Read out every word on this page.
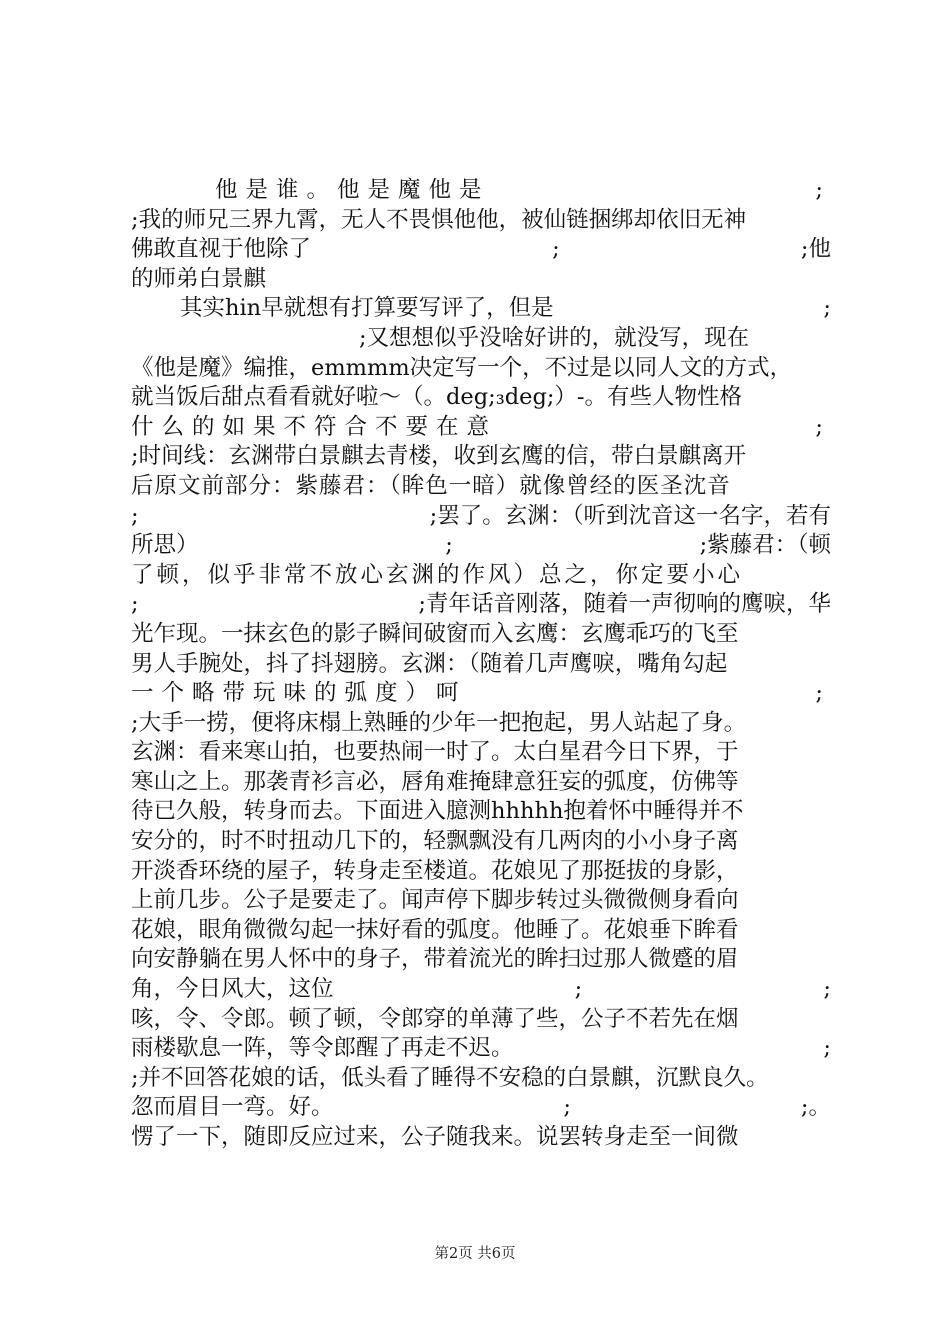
他是谁。他是魔他是	;
;我的师兄三界九霄，无人不畏惧他他，被仙链捆绑却依旧无神
佛敢直视于他除了	;	;他
的师弟白景麒
其实hin早就想有打算要写评了，但是	;
;又想想似乎没啥好讲的，就没写，现在
《他是魔》编推，emmmm决定写一个，不过是以同人文的方式，
就当饭后甜点看看就好啦～（。deg;₃deg;）-。有些人物性格
什么的如果不符合不要在意	;
;时间线：玄渊带白景麒去青楼，收到玄鹰的信，带白景麒离开
后原文前部分：紫藤君：（眸色一暗）就像曾经的医圣沈音
;	;罢了。玄渊：（听到沈音这一名字，若有
所思）	;	;紫藤君：（顿
了顿，似乎非常不放心玄渊的作风）总之，你定要小心
;	;青年话音刚落，随着一声彻响的鹰唳，华
光乍现。一抹玄色的影子瞬间破窗而入玄鹰：玄鹰乖巧的飞至
男人手腕处，抖了抖翅膀。玄渊：（随着几声鹰唳，嘴角勾起
一个略带玩味的弧度）呵	;
;大手一捞，便将床榻上熟睡的少年一把抱起，男人站起了身。
玄渊：看来寒山拍，也要热闹一时了。太白星君今日下界，于
寒山之上。那袭青衫言必，唇角难掩肆意狂妄的弧度，仿佛等
待已久般，转身而去。下面进入臆测hhhhh抱着怀中睡得并不
安分的，时不时扭动几下的，轻飘飘没有几两肉的小小身子离
开淡香环绕的屋子，转身走至楼道。花娘见了那挺拔的身影，
上前几步。公子是要走了。闻声停下脚步转过头微微侧身看向
花娘，眼角微微勾起一抹好看的弧度。他睡了。花娘垂下眸看
向安静躺在男人怀中的身子，带着流光的眸扫过那人微蹙的眉
角，今日风大，这位	;	;
咳，令、令郎。顿了顿，令郎穿的单薄了些，公子不若先在烟
雨楼歇息一阵，等令郎醒了再走不迟。	;
;并不回答花娘的话，低头看了睡得不安稳的白景麒，沉默良久。
忽而眉目一弯。好。	;	;。
愣了一下，随即反应过来，公子随我来。说罢转身走至一间微
第2页 共6页
